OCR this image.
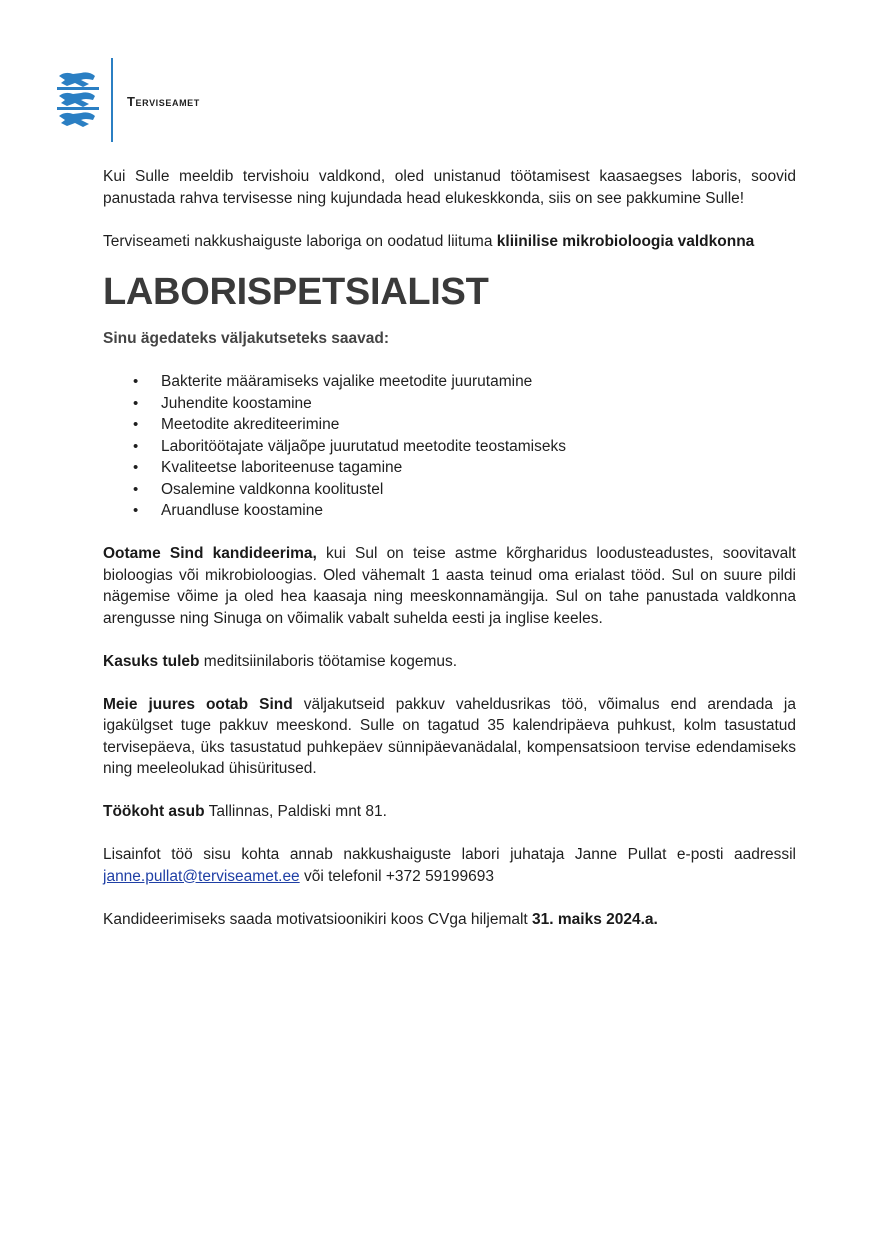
Terviseamet

Kui Sulle meeldib tervishoiu valdkond, oled unistanud töötamisest kaasaegses laboris, soovid panustada rahva tervisesse ning kujundada head elukeskkonda, siis on see pakkumine Sulle!

Terviseameti nakkushaiguste laboriga on oodatud liituma kliinilise mikrobioloogia valdkonna

LABORISPETSIALIST

Sinu ägedateks väljakutseteks saavad:

• Bakterite määramiseks vajalike meetodite juurutamine
• Juhendite koostamine
• Meetodite akrediteerimine
• Laboritöötajate väljaõpe juurutatud meetodite teostamiseks
• Kvaliteetse laboriteenuse tagamine
• Osalemine valdkonna koolitustel
• Aruandluse koostamine

Ootame Sind kandideerima, kui Sul on teise astme kõrgharidus loodusteadustes, soovitavalt bioloogias või mikrobioloogias. Oled vähemalt 1 aasta teinud oma erialast tööd. Sul on suure pildi nägemise võime ja oled hea kaasaja ning meeskonnamängija. Sul on tahe panustada valdkonna arengusse ning Sinuga on võimalik vabalt suhelda eesti ja inglise keeles.

Kasuks tuleb meditsiinilaboris töötamise kogemus.

Meie juures ootab Sind väljakutseid pakkuv vaheldusrikas töö, võimalus end arendada ja igakülgset tuge pakkuv meeskond. Sulle on tagatud 35 kalendripäeva puhkust, kolm tasustatud tervisepäeva, üks tasustatud puhkepäev sünnipäevanädalal, kompensatsioon tervise edendamiseks ning meeleolukad ühisüritused.

Töökoht asub Tallinnas, Paldiski mnt 81.

Lisainfot töö sisu kohta annab nakkushaiguste labori juhataja Janne Pullat e-posti aadressil janne.pullat@terviseamet.ee või telefonil +372 59199693

Kandideerimiseks saada motivatsioonikiri koos CVga hiljemalt 31. maiks 2024.a.
